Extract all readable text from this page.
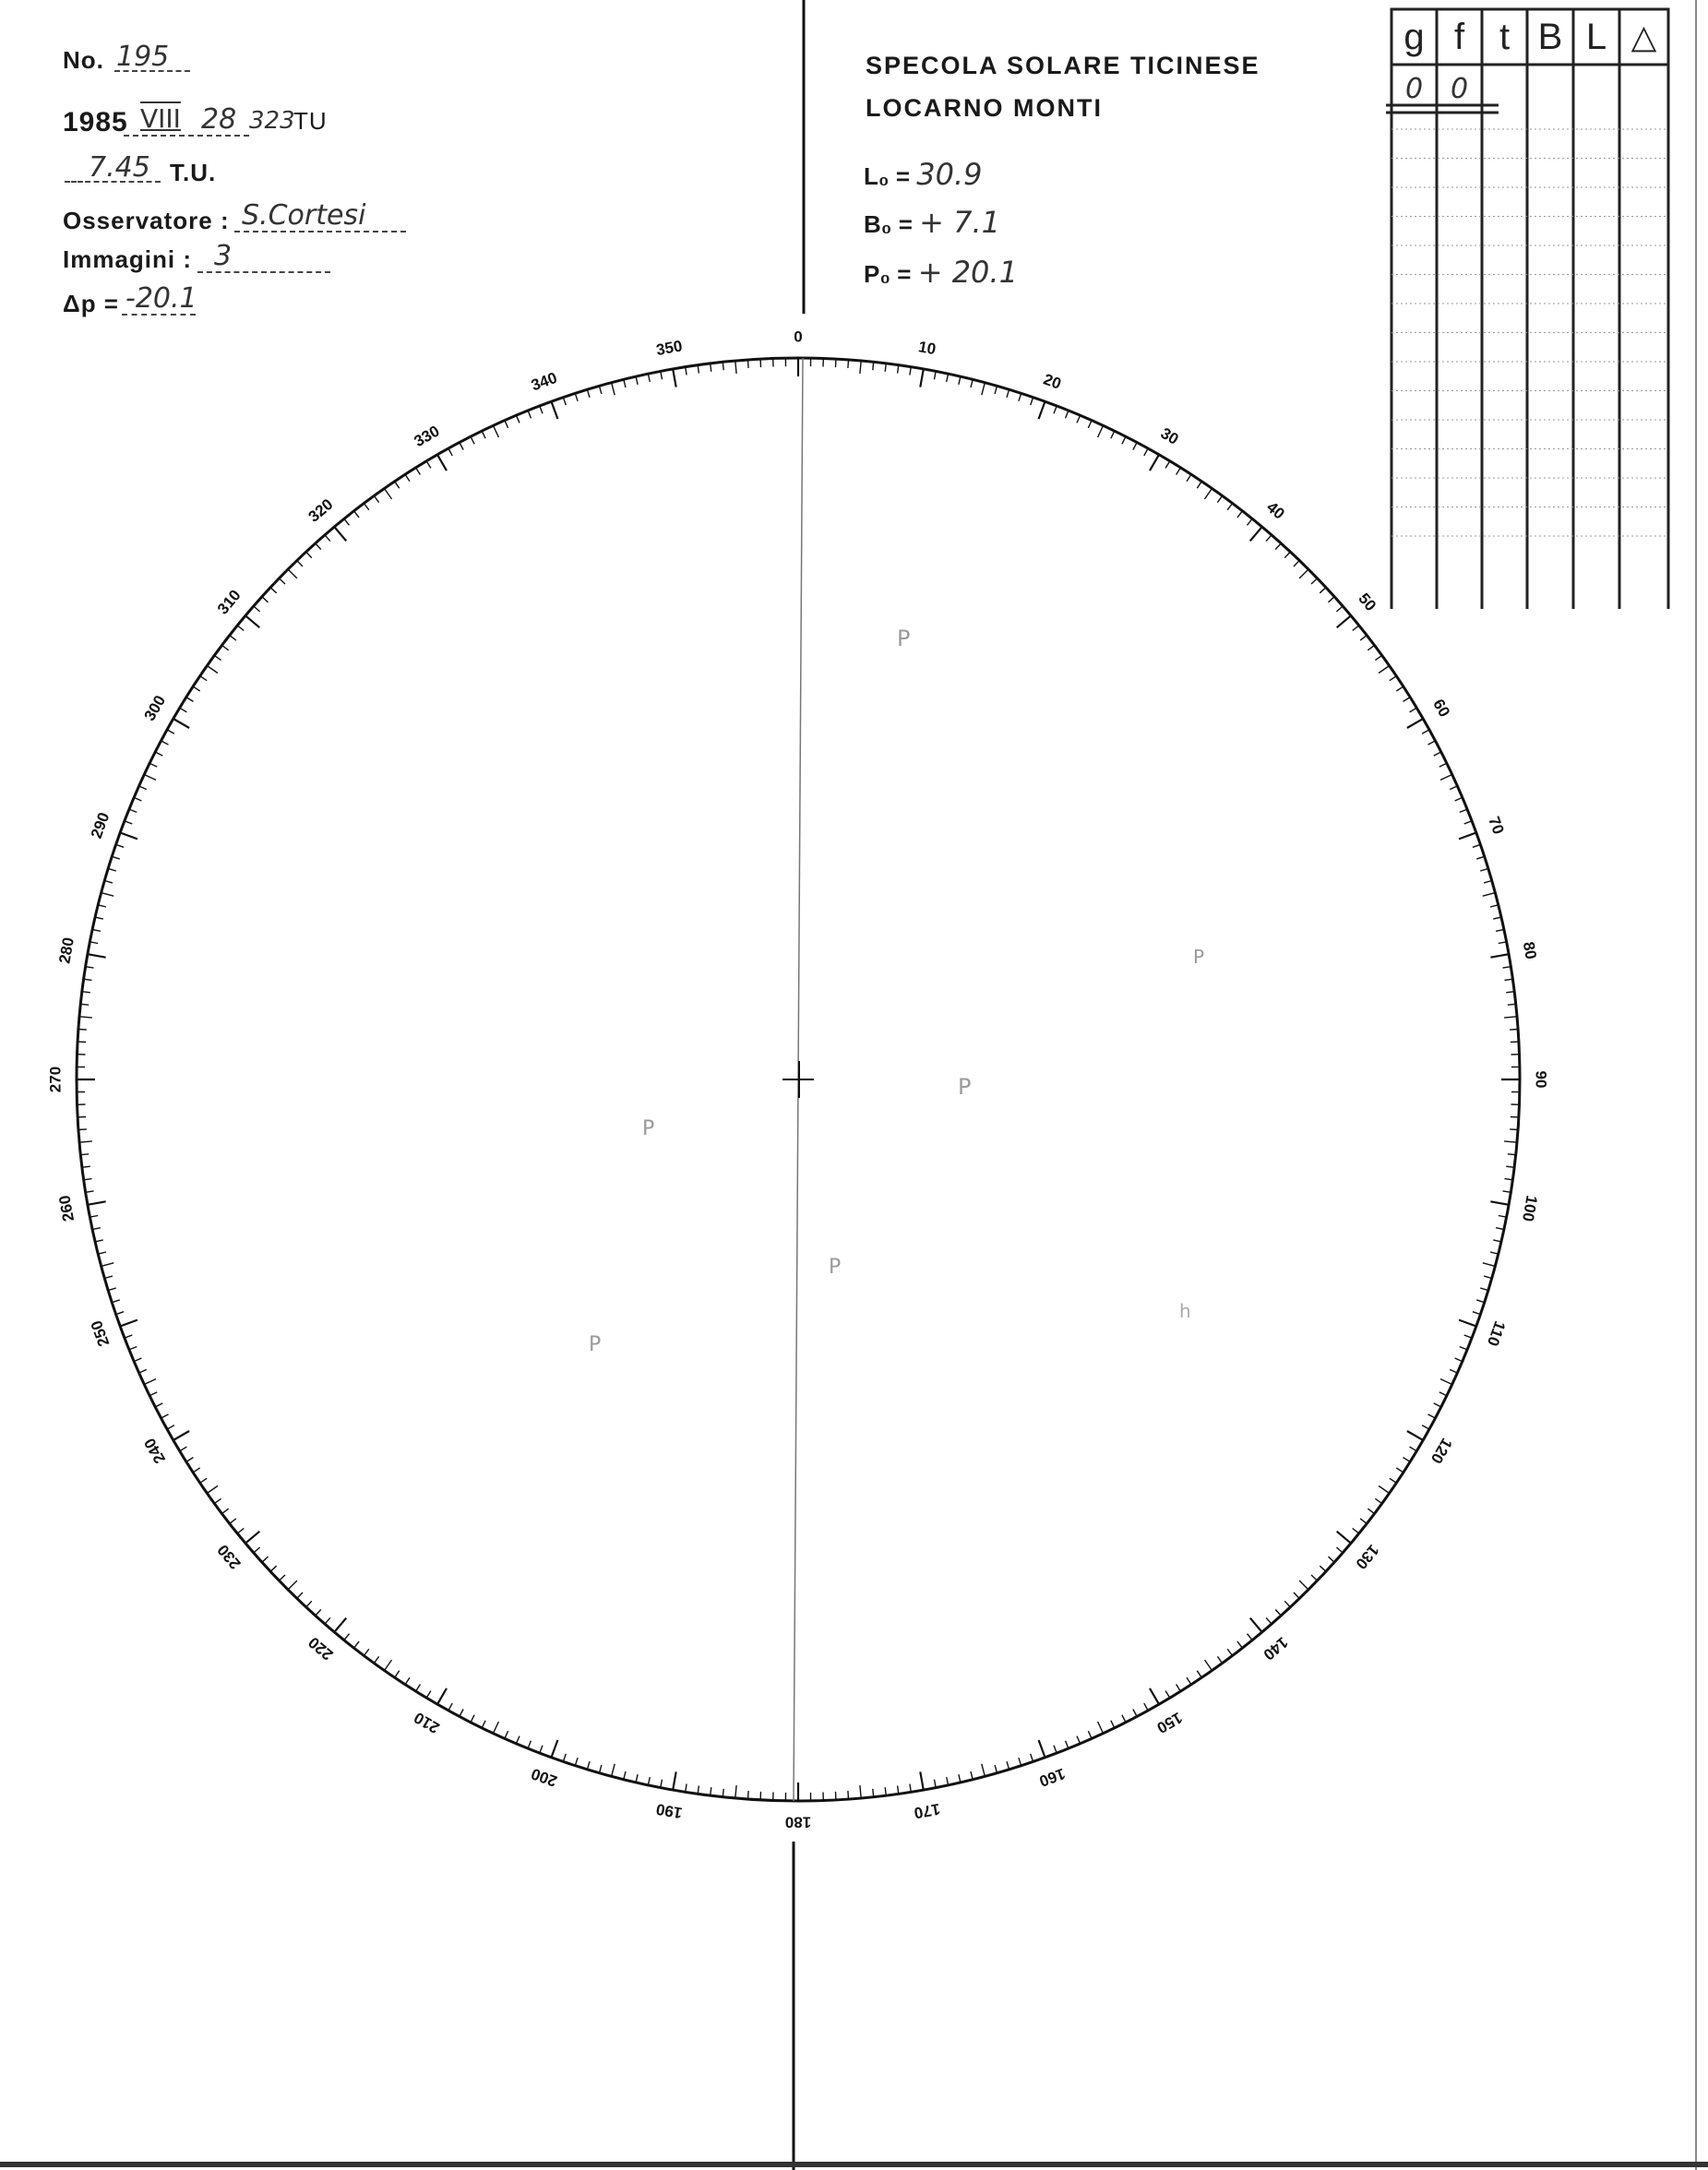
No. 195
1985 VIII 28 323
TU
7.45 T.U.
Osservatore : S.Cortesi
Immagini : 3
Δp = -20.1
SPECOLA SOLARE TICINESE
LOCARNO MONTI
L₀ = 30.9
B₀ = + 7.1
P₀ = + 20.1
g f t B L △
0 0
0
10
20
30
40
50
60
70
80
90
100
110
120
130
140
150
160
170
180
190
200
210
220
230
240
250
260
270
280
290
300
310
320
330
340
350
P
P
P
P
P
P
h
